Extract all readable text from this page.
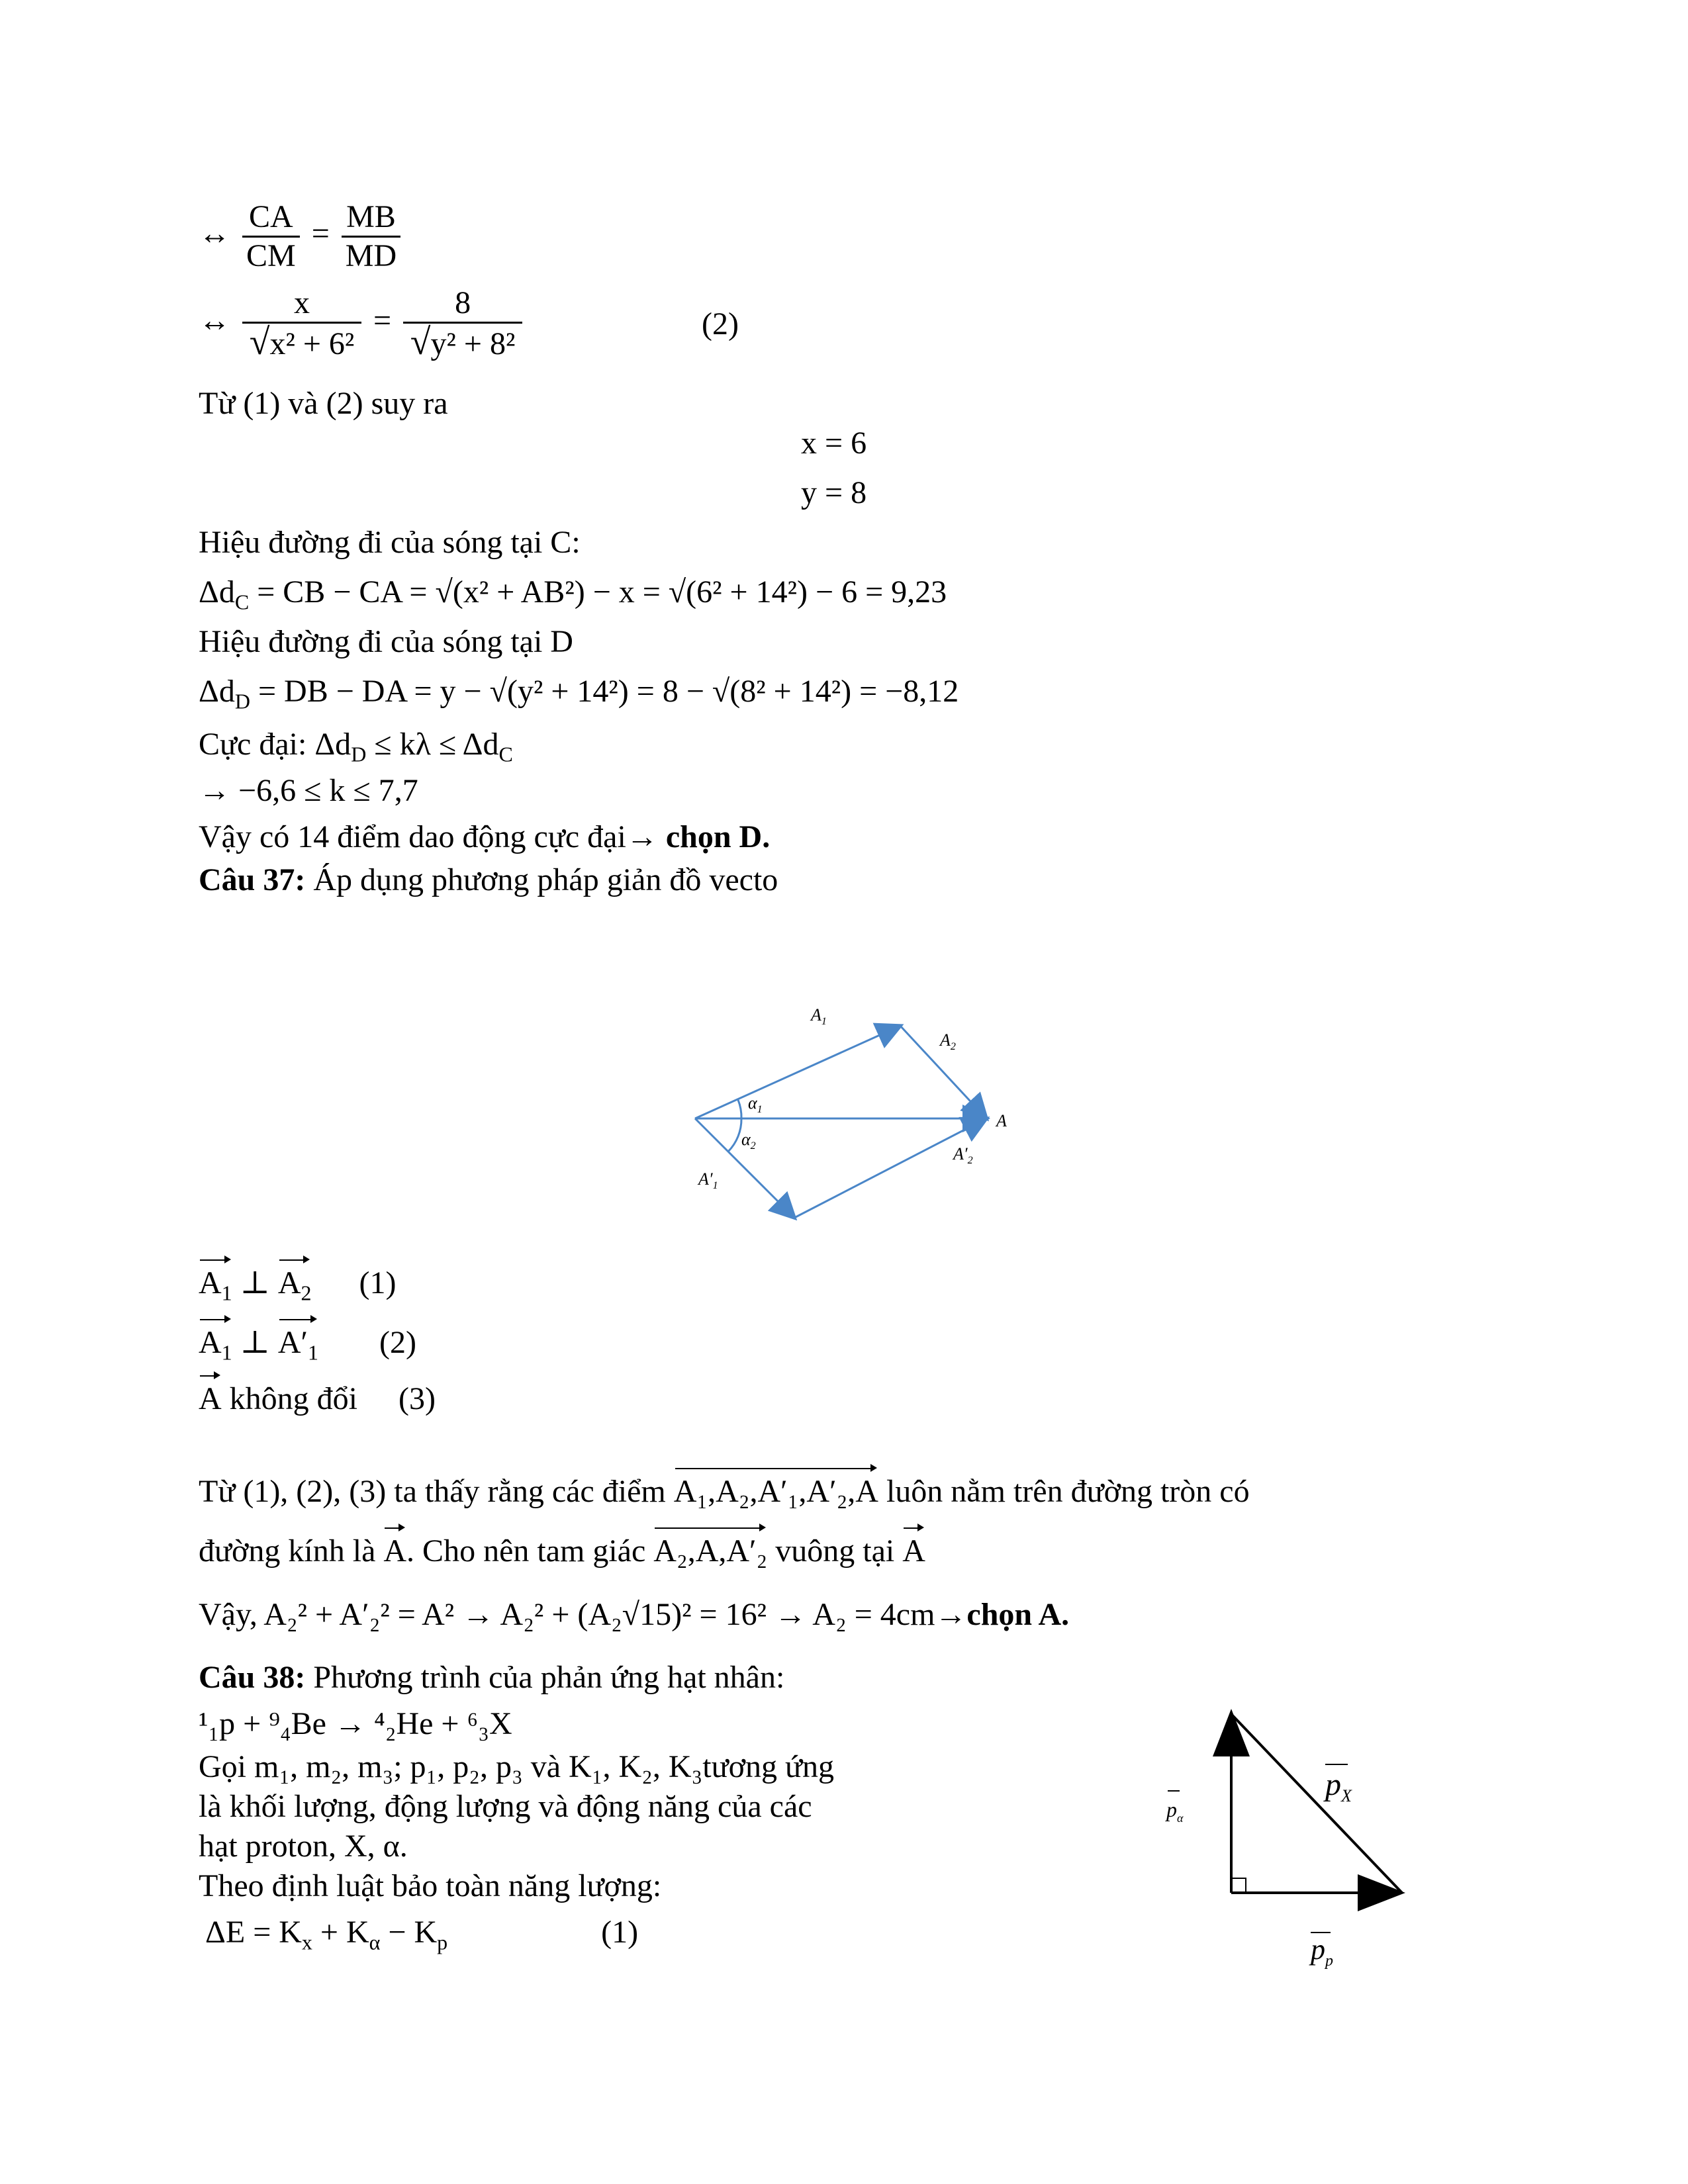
↔ $\frac{CA}{CM} = \frac{MB}{MD}$
↔ $\frac{x}{\text{√x² + 6²}} = \frac{8}{\text{√y² + 8²}}$	(2)
Từ (1) và (2) suy ra
x = 6
y = 8
Hiệu đường đi của sóng tại C:
$\Delta d_C$ = CB − CA = √(x² + AB²) − x = √(6² + 14²) − 6 = 9,23
Hiệu đường đi của sóng tại D
$\Delta d_D$ = DB − DA = y − √(y² + 14²) = 8 − √(8² + 14²) = −8,12
Cực đại: $\Delta d_D \le k\lambda \le \Delta d_C$
→ −6,6 ≤ k ≤ 7,7
Vậy có 14 điểm dao động cực đại→ chọn D.
Câu 37: Áp dụng phương pháp giản đồ vecto
$A_1$
$A_2$
A
$\alpha_1$
$\alpha_2$
$A'_1$
$A'_2$
$A_1$ ⊥ $A_2$ (1)
$A_1$ ⊥ $A'_1$ (2)
A không đổi (3)
Từ (1), (2), (3) ta thấy rằng các điểm A₁,A₂,A′₁,A′₂,A luôn nằm trên đường tròn có
đường kính là A. Cho nên tam giác A₂,A,A′₂ vuông tại A
Vậy, A₂² + A′₂² = A² → A₂² + (A₂√15)² = 16² → A₂ = 4cm→chọn A.
Câu 38: Phương trình của phản ứng hạt nhân:
¹₁p + ⁹₄Be → ⁴₂He + ⁶₃X
Gọi m₁, m₂, m₃; p₁, p₂, p₃ và K₁, K₂, K₃tương ứng
là khối lượng, động lượng và động năng của các
hạt proton, X, α.
Theo định luật bảo toàn năng lượng:
$\Delta E = K_x + K_\alpha - K_p$	(1)
$p_X$
$p_\alpha$
$p_p$
